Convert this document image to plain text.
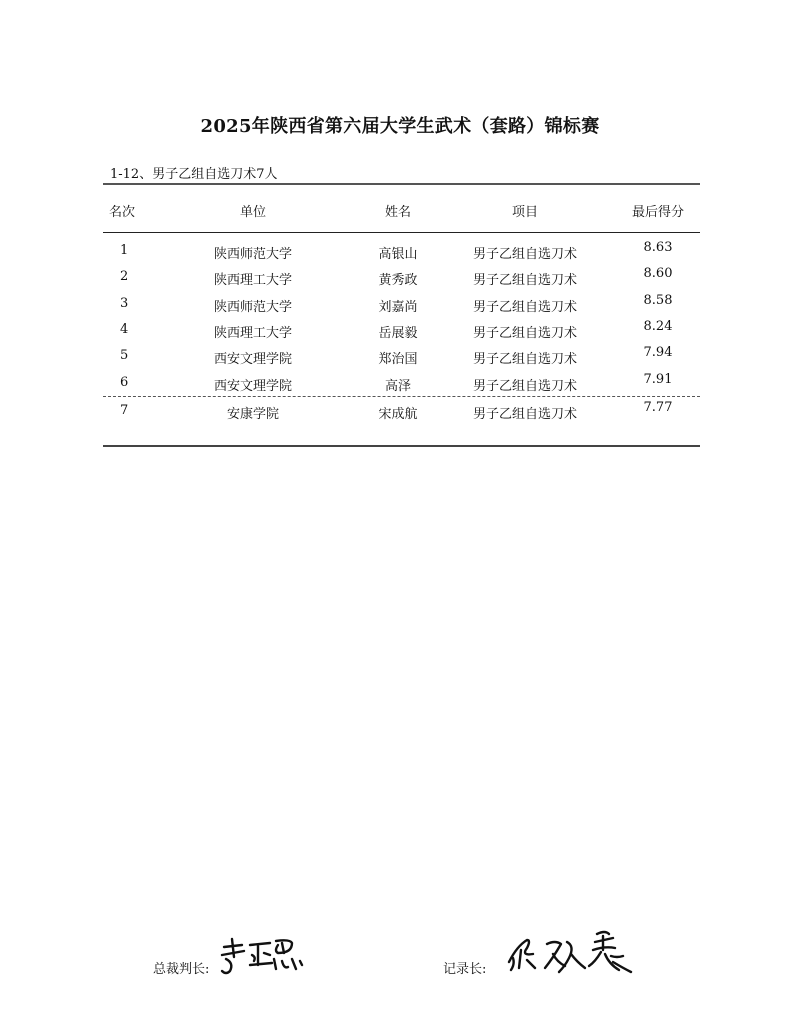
2025年陕西省第六届大学生武术（套路）锦标赛
1-12、男子乙组自选刀术7人
名次	单位	姓名	项目	最后得分
1	陕西师范大学	高银山	男子乙组自选刀术	8.63
2	陕西理工大学	黄秀政	男子乙组自选刀术	8.60
3	陕西师范大学	刘嘉尚	男子乙组自选刀术	8.58
4	陕西理工大学	岳展毅	男子乙组自选刀术	8.24
5	西安文理学院	郑治国	男子乙组自选刀术	7.94
6	西安文理学院	高泽	男子乙组自选刀术	7.91
7	安康学院	宋成航	男子乙组自选刀术	7.77
总裁判长:	记录长:
